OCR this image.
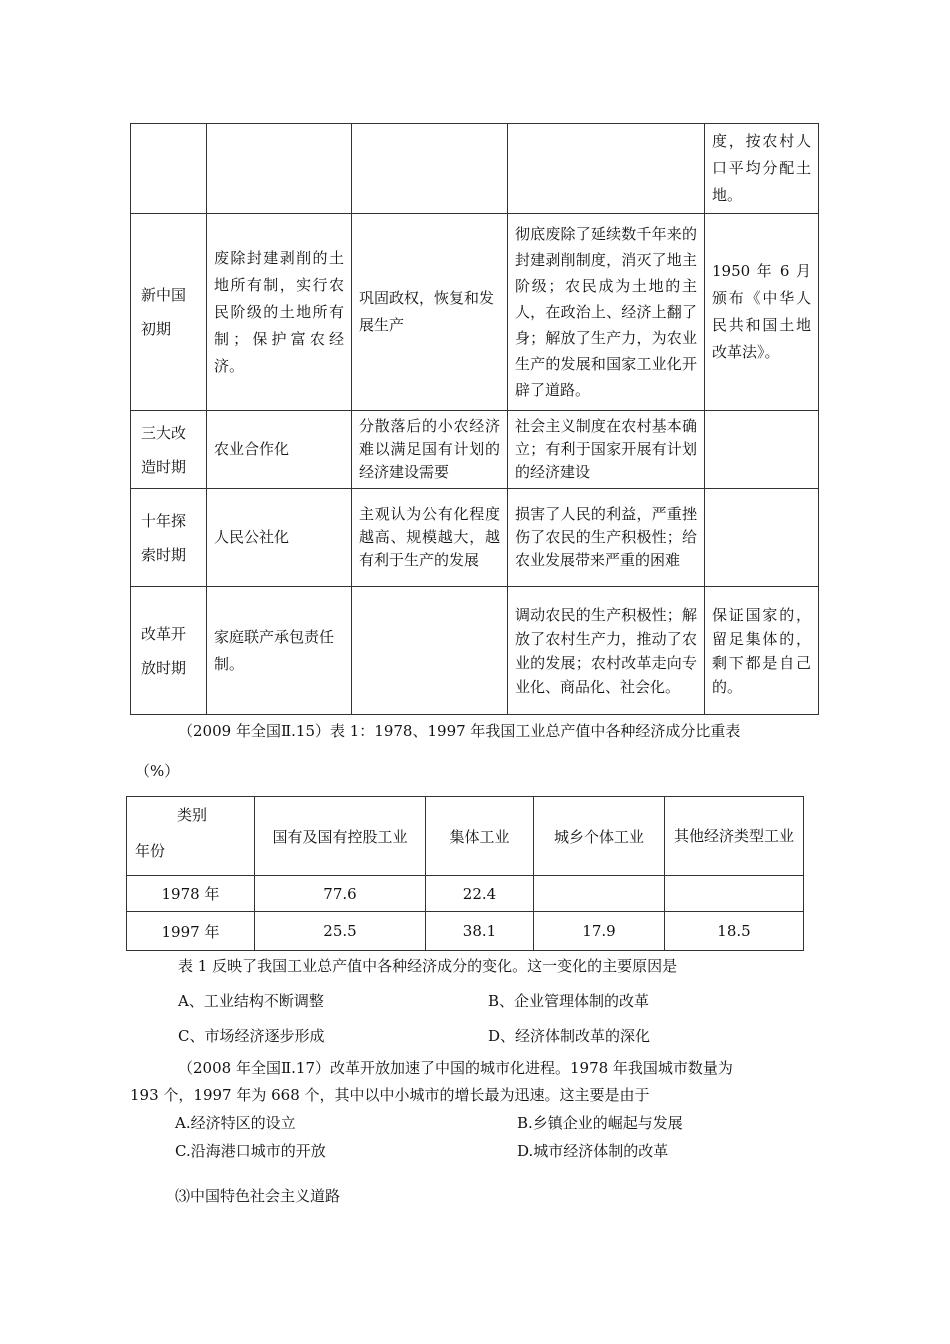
				度，按农村人口平均分配土地。
新中国初期	废除封建剥削的土地所有制，实行农民阶级的土地所有制；保护富农经济。	巩固政权，恢复和发展生产	彻底废除了延续数千年来的封建剥削制度，消灭了地主阶级；农民成为土地的主人，在政治上、经济上翻了身；解放了生产力，为农业生产的发展和国家工业化开辟了道路。	1950 年 6 月颁布《中华人民共和国土地改革法》。
三大改造时期	农业合作化	分散落后的小农经济难以满足国有计划的经济建设需要	社会主义制度在农村基本确立；有利于国家开展有计划的经济建设	
十年探索时期	人民公社化	主观认为公有化程度越高、规模越大，越有利于生产的发展	损害了人民的利益，严重挫伤了农民的生产积极性；给农业发展带来严重的困难	
改革开放时期	家庭联产承包责任制。		调动农民的生产积极性；解放了农村生产力，推动了农业的发展；农村改革走向专业化、商品化、社会化。	保证国家的，留足集体的，剩下都是自己的。
（2009 年全国Ⅱ.15）表 1：1978、1997 年我国工业总产值中各种经济成分比重表
（%）
类别
年份	国有及国有控股工业	集体工业	城乡个体工业	其他经济类型工业
1978 年	77.6	22.4		
1997 年	25.5	38.1	17.9	18.5
表 1 反映了我国工业总产值中各种经济成分的变化。这一变化的主要原因是
A、工业结构不断调整	B、企业管理体制的改革
C、市场经济逐步形成	D、经济体制改革的深化
（2008 年全国Ⅱ.17）改革开放加速了中国的城市化进程。1978 年我国城市数量为
193 个，1997 年为 668 个，其中以中小城市的增长最为迅速。这主要是由于
A.经济特区的设立	B.乡镇企业的崛起与发展
C.沿海港口城市的开放	D.城市经济体制的改革
⑶中国特色社会主义道路
